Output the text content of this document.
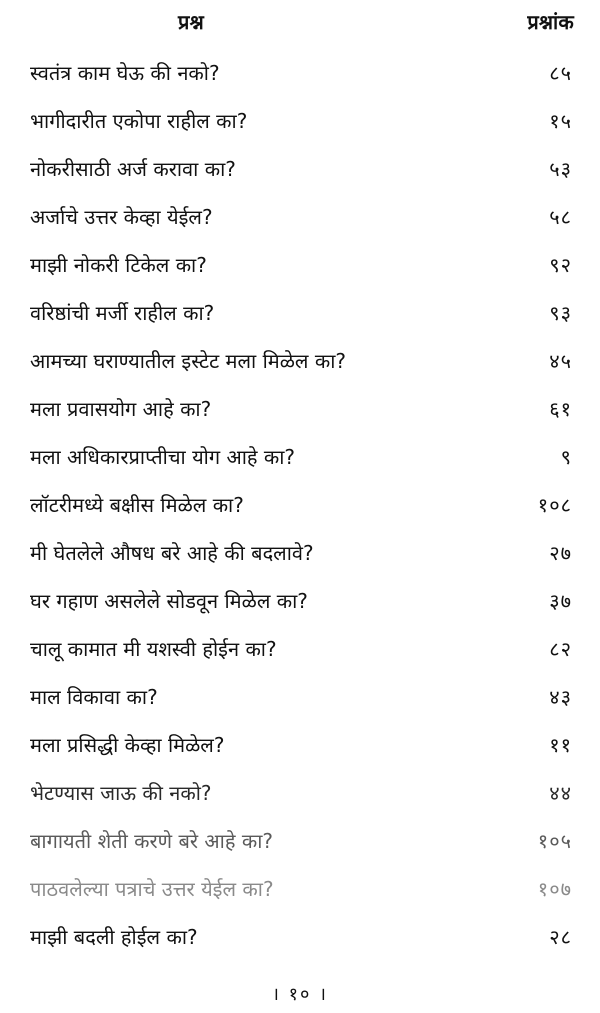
प्रश्न	प्रश्नांक
स्वतंत्र काम घेऊ की नको?	८५
भागीदारीत एकोपा राहील का?	१५
नोकरीसाठी अर्ज करावा का?	५३
अर्जाचे उत्तर केव्हा येईल?	५८
माझी नोकरी टिकेल का?	९२
वरिष्ठांची मर्जी राहील का?	९३
आमच्या घराण्यातील इस्टेट मला मिळेल का?	४५
मला प्रवासयोग आहे का?	६१
मला अधिकारप्राप्तीचा योग आहे का?	९
लॉटरीमध्ये बक्षीस मिळेल का?	१०८
मी घेतलेले औषध बरे आहे की बदलावे?	२७
घर गहाण असलेले सोडवून मिळेल का?	३७
चालू कामात मी यशस्वी होईन का?	८२
माल विकावा का?	४३
मला प्रसिद्धी केव्हा मिळेल?	११
भेटण्यास जाऊ की नको?	४४
बागायती शेती करणे बरे आहे का?	१०५
पाठवलेल्या पत्राचे उत्तर येईल का?	१०७
माझी बदली होईल का?	२८
। १० ।
